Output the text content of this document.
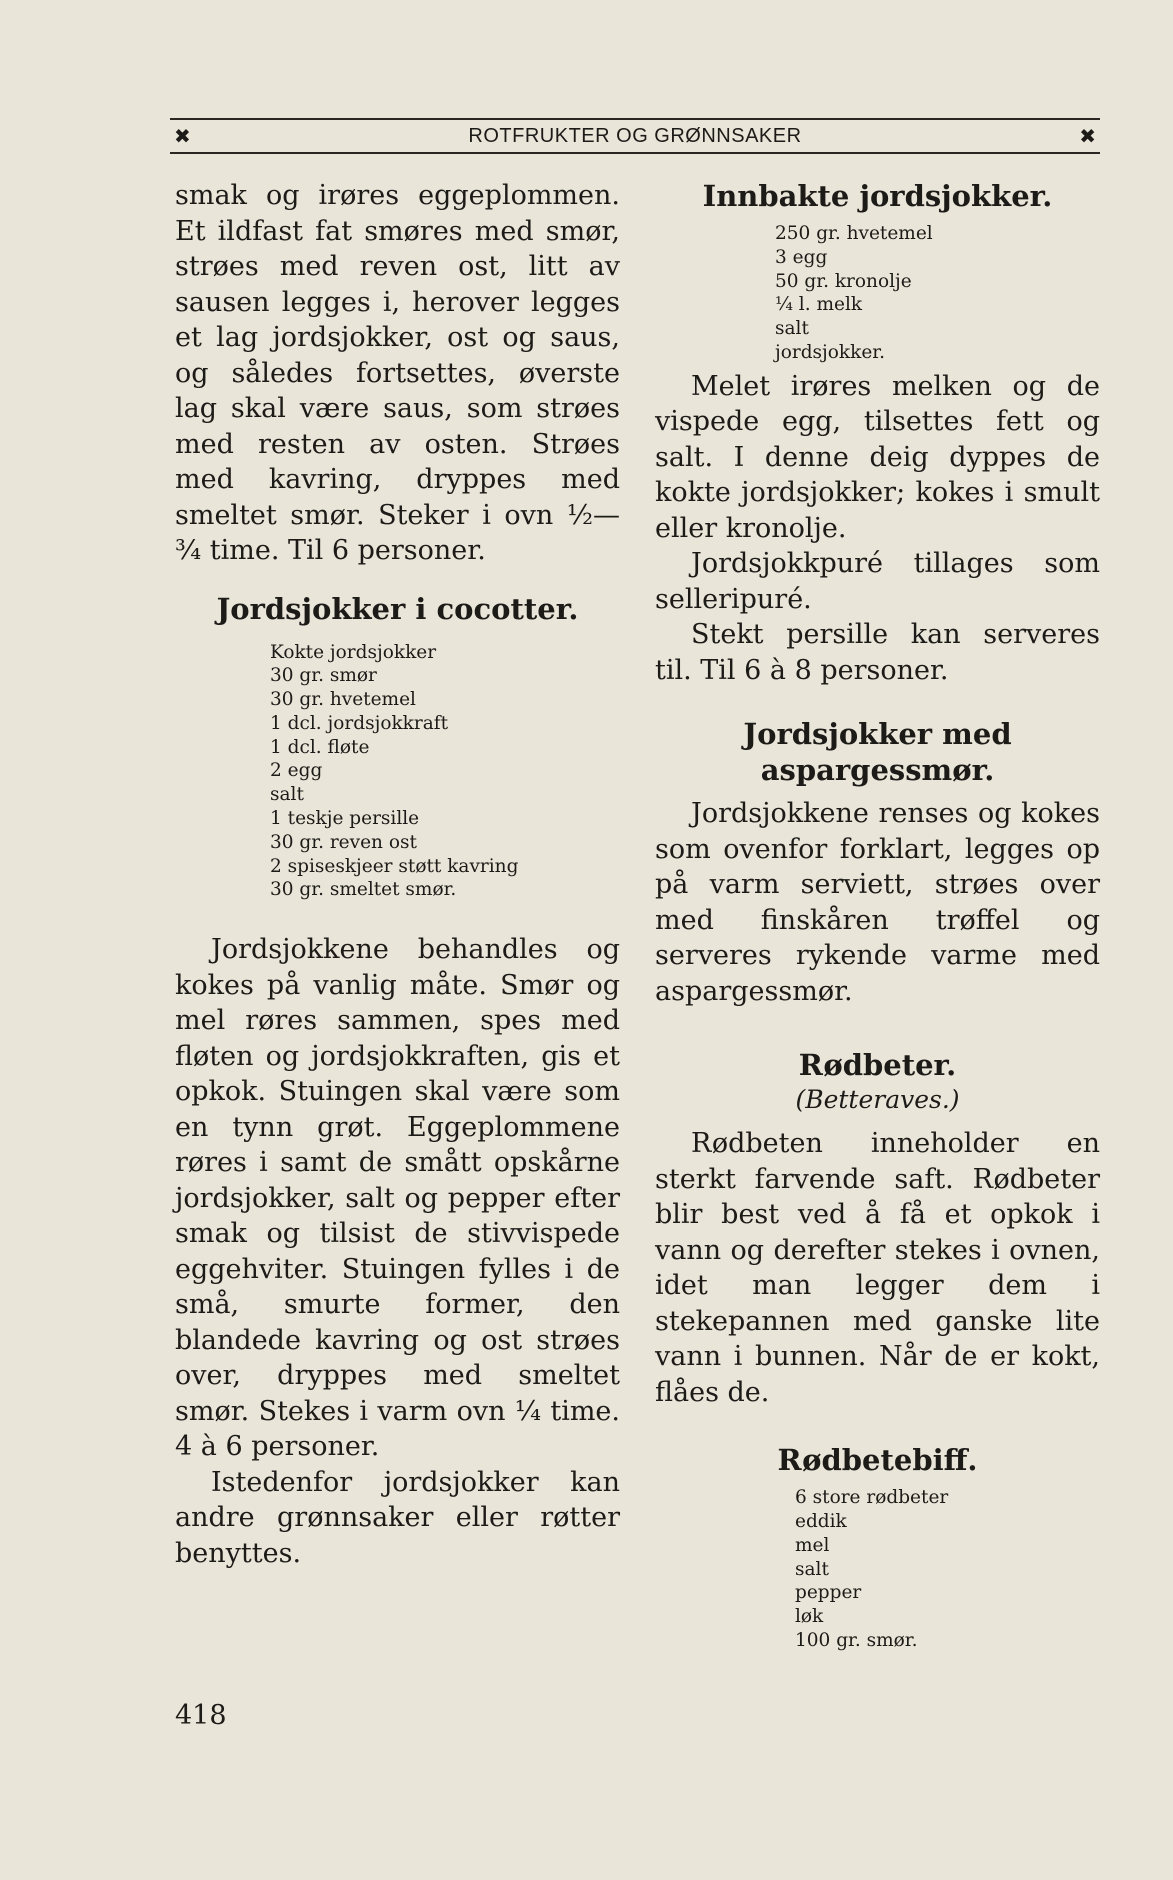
✖	ROTFRUKTER OG GRØNNSAKER	✖

smak og irøres eggeplommen. Et ildfast fat smøres med smør, strøes med reven ost, litt av sausen legges i, herover legges et lag jordsjokker, ost og saus, og således fortsettes, øverste lag skal være saus, som strøes med resten av osten. Strøes med kavring, dryppes med smeltet smør. Steker i ovn ½—¾ time. Til 6 personer.

Jordsjokker i cocotter.
Kokte jordsjokker
30 gr. smør
30 gr. hvetemel
1 dcl. jordsjokkraft
1 dcl. fløte
2 egg
salt
1 teskje persille
30 gr. reven ost
2 spiseskjeer støtt kavring
30 gr. smeltet smør.

Jordsjokkene behandles og kokes på vanlig måte. Smør og mel røres sammen, spes med fløten og jordsjokkraften, gis et opkok. Stuingen skal være som en tynn grøt. Eggeplommene røres i samt de smått opskårne jordsjokker, salt og pepper efter smak og tilsist de stivvispede eggehviter. Stuingen fylles i de små, smurte former, den blandede kavring og ost strøes over, dryppes med smeltet smør. Stekes i varm ovn ¼ time. 4 à 6 personer.

Istedenfor jordsjokker kan andre grønnsaker eller røtter benyttes.

418
Innbakte jordsjokker.
250 gr. hvetemel
3 egg
50 gr. kronolje
¼ l. melk
salt
jordsjokker.

Melet irøres melken og de vispede egg, tilsettes fett og salt. I denne deig dyppes de kokte jordsjokker; kokes i smult eller kronolje.

Jordsjokkpuré tillages som selleripuré.

Stekt persille kan serveres til. Til 6 à 8 personer.

Jordsjokker med aspargessmør.

Jordsjokkene renses og kokes som ovenfor forklart, legges op på varm serviett, strøes over med finskåren trøffel og serveres rykende varme med aspargessmør.

Rødbeter.
(Betteraves.)

Rødbeten inneholder en sterkt farvende saft. Rødbeter blir best ved å få et opkok i vann og derefter stekes i ovnen, idet man legger dem i stekepannen med ganske lite vann i bunnen. Når de er kokt, flåes de.

Rødbetebiff.
6 store rødbeter
eddik
mel
salt
pepper
løk
100 gr. smør.
